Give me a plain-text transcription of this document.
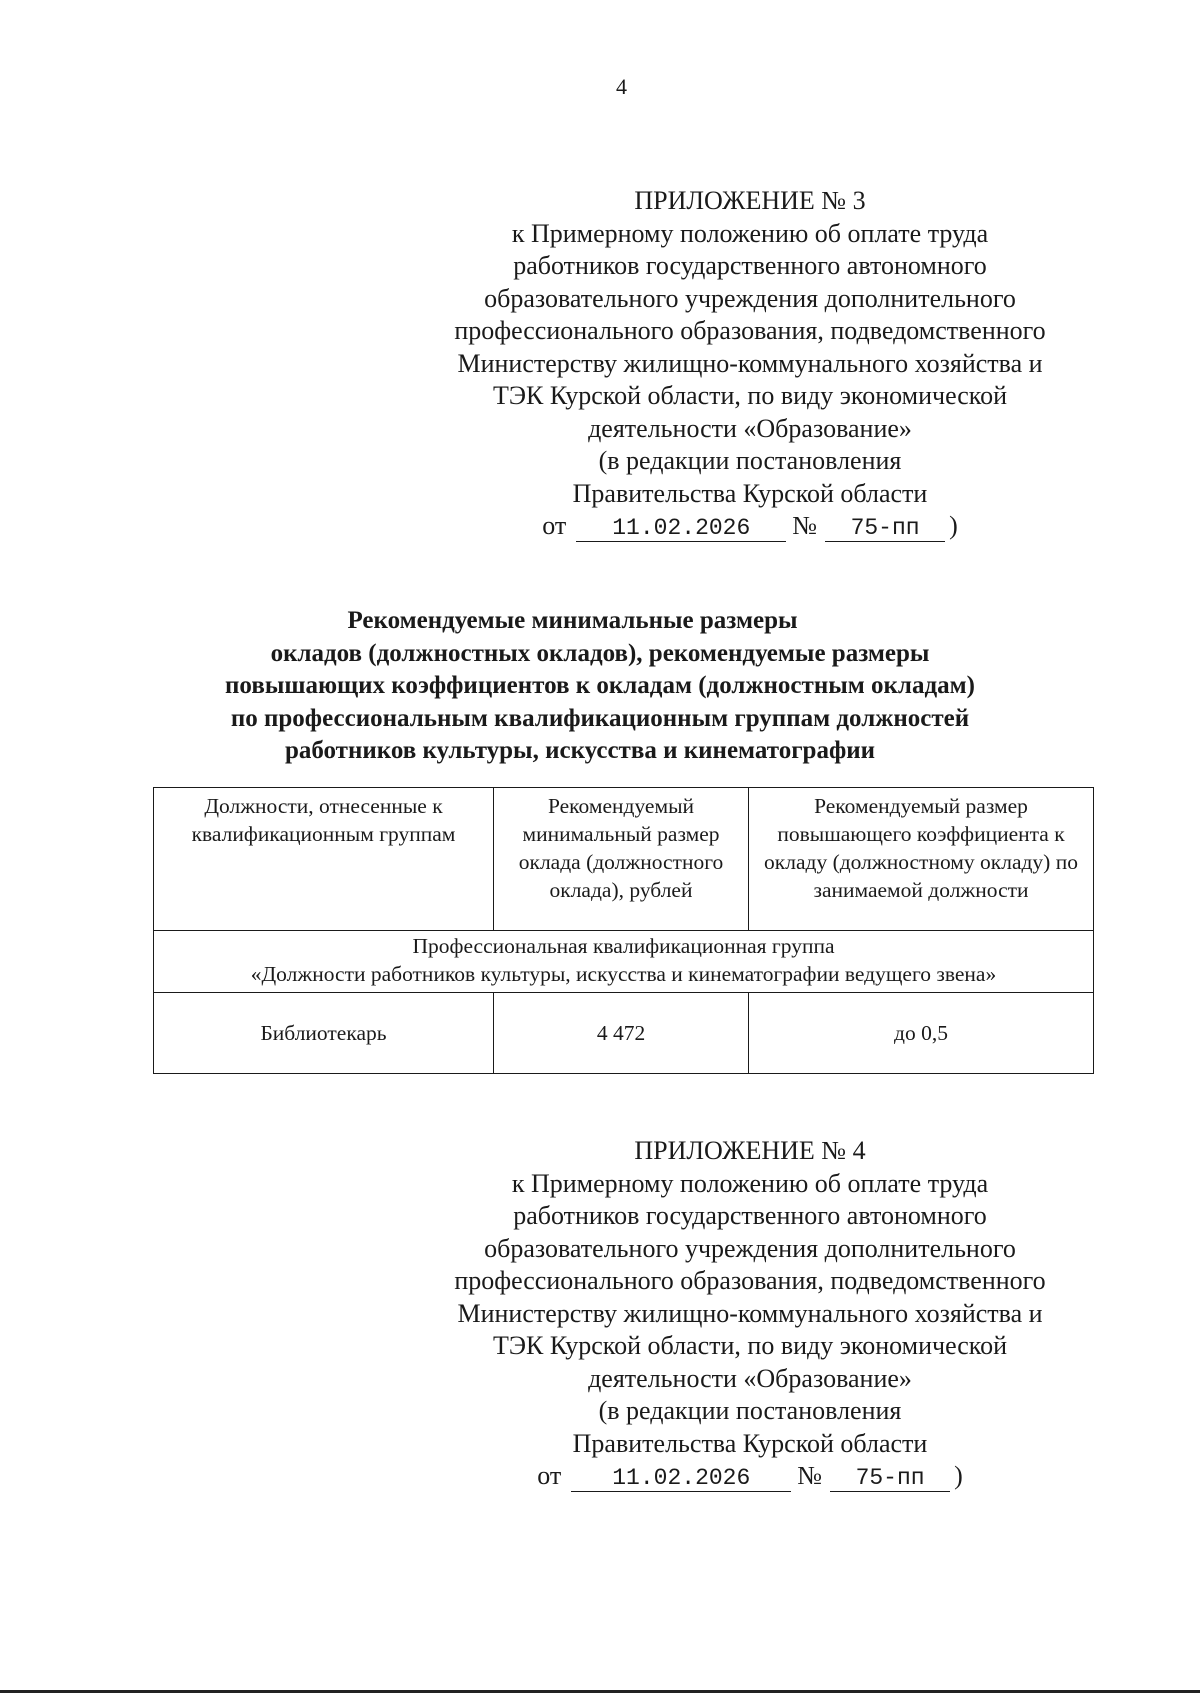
4
ПРИЛОЖЕНИЕ № 3
к Примерному положению об оплате труда
работников государственного автономного
образовательного учреждения дополнительного
профессионального образования, подведомственного
Министерству жилищно-коммунального хозяйства и
ТЭК Курской области, по виду экономической
деятельности «Образование»
(в редакции постановления
Правительства Курской области
от 11.02.2026 № 75-пп )
Рекомендуемые минимальные размеры
окладов (должностных окладов), рекомендуемые размеры
повышающих коэффициентов к окладам (должностным окладам)
по профессиональным квалификационным группам должностей
работников культуры, искусства и кинематографии
Должности, отнесенные к квалификационным группам	Рекомендуемый минимальный размер оклада (должностного оклада), рублей	Рекомендуемый размер повышающего коэффициента к окладу (должностному окладу) по занимаемой должности

Профессиональная квалификационная группа
«Должности работников культуры, искусства и кинематографии ведущего звена»		

Библиотекарь	4 472	до 0,5
ПРИЛОЖЕНИЕ № 4
к Примерному положению об оплате труда
работников государственного автономного
образовательного учреждения дополнительного
профессионального образования, подведомственного
Министерству жилищно-коммунального хозяйства и
ТЭК Курской области, по виду экономической
деятельности «Образование»
(в редакции постановления
Правительства Курской области
от 11.02.2026 № 75-пп )
